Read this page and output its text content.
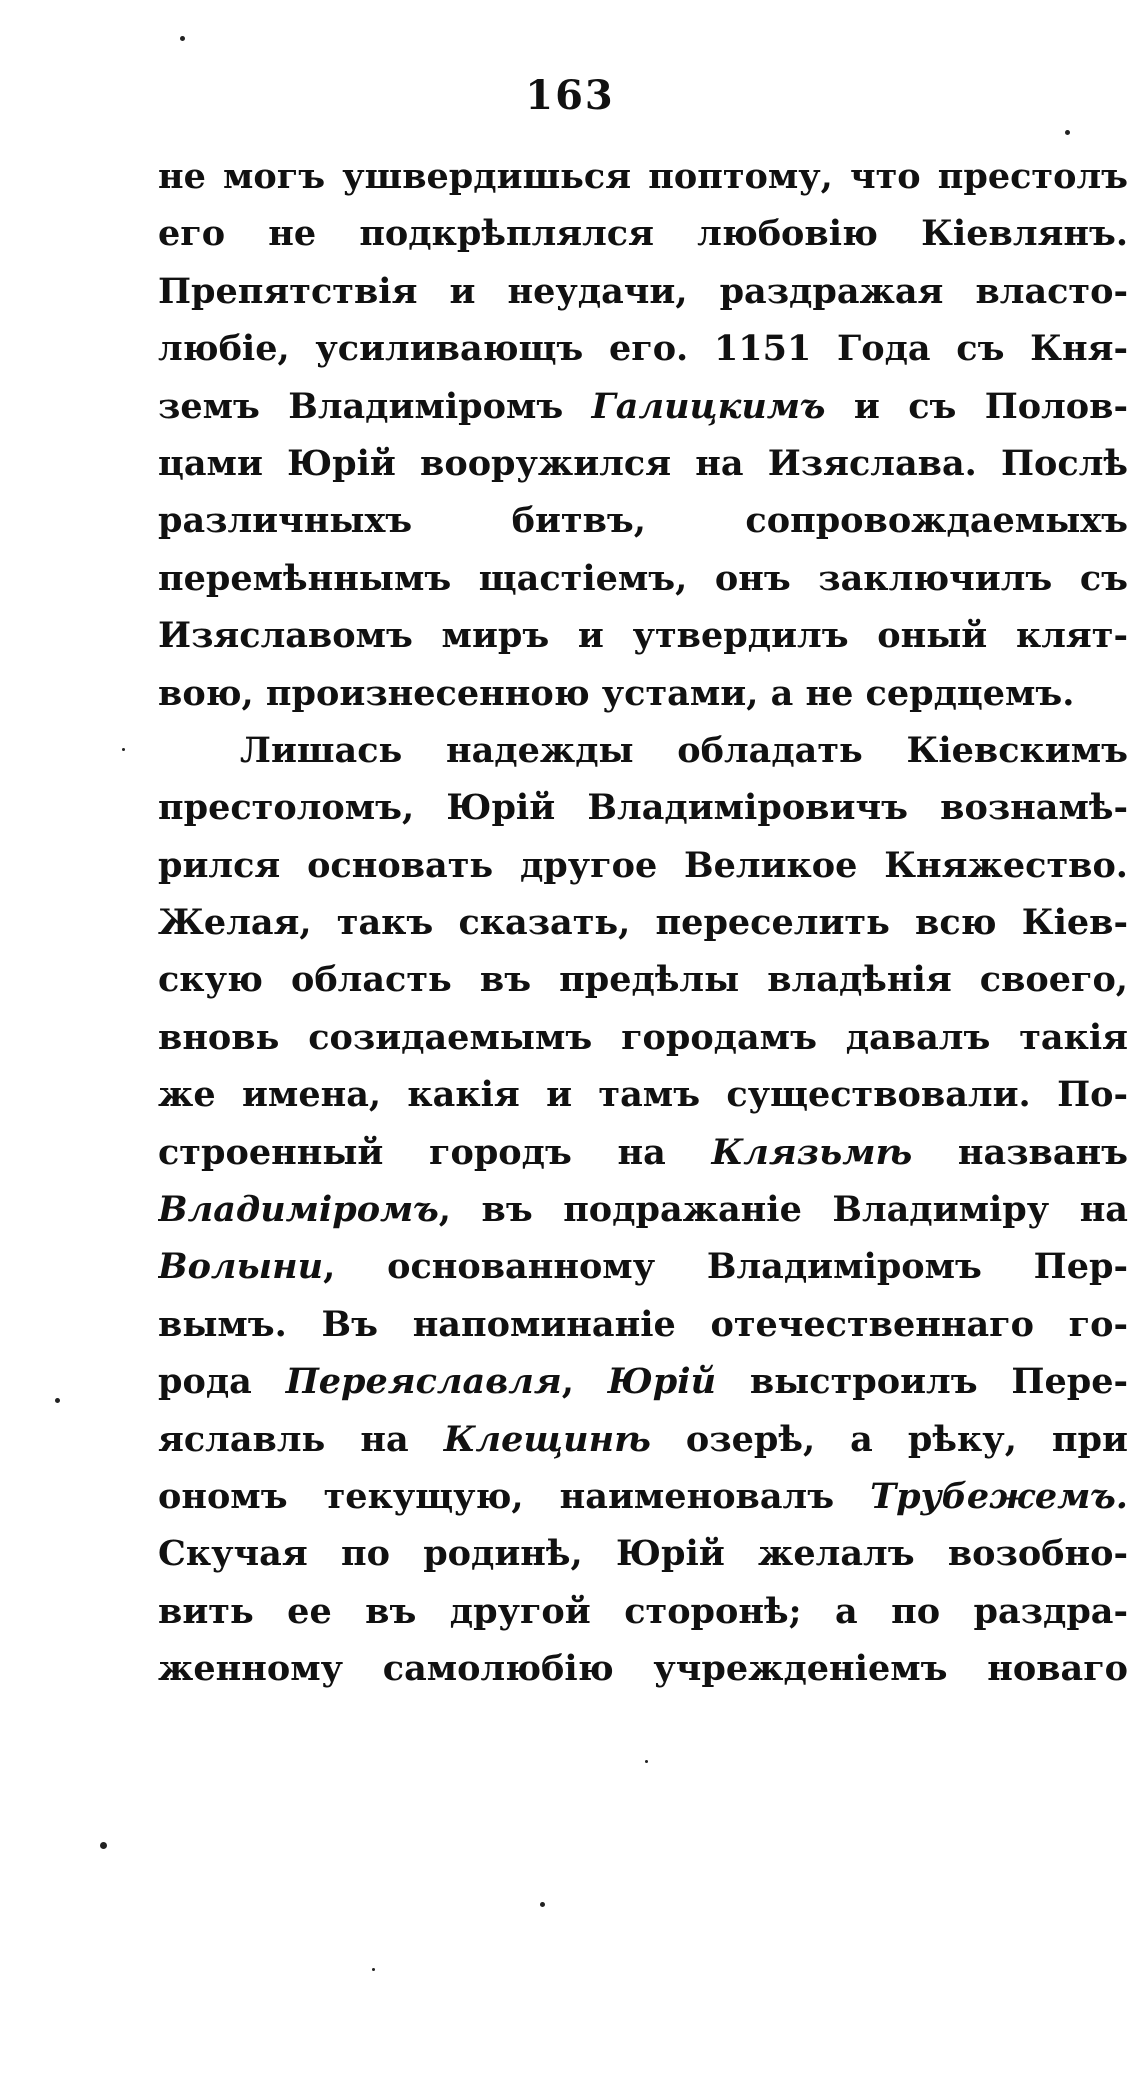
163
не могъ ушвердишься поптому, что престолъ
его не подкрѣплялся любовію Кіевлянъ.
Препятствія и неудачи, раздражая власто-
любіе, усиливающъ его. 1151 Года съ Кня-
земъ Владиміромъ Галицкимъ и съ Полов-
цами Юрій вооружился на Изяслава. Послѣ
различныхъ битвъ, сопровождаемыхъ
перемѣннымъ щастіемъ, онъ заключилъ съ
Изяславомъ миръ и утвердилъ оный клят-
вою, произнесенною устами, а не сердцемъ.
Лишась надежды обладать Кіевскимъ
престоломъ, Юрій Владиміровичъ вознамѣ-
рился основать другое Великое Княжество.
Желая, такъ сказать, переселить всю Кіев-
скую область въ предѣлы владѣнія своего,
вновь созидаемымъ городамъ давалъ такія
же имена, какія и тамъ существовали. По-
строенный городъ на Клязьмѣ названъ
Владиміромъ, въ подражаніе Владиміру на
Волыни, основанному Владиміромъ Пер-
вымъ. Въ напоминаніе отечественнаго го-
рода Переяславля, Юрій выстроилъ Пере-
яславль на Клещинѣ озерѣ, а рѣку, при
ономъ текущую, наименовалъ Трубежемъ.
Скучая по родинѣ, Юрій желалъ возобно-
вить ее въ другой сторонѣ; а по раздра-
женному самолюбію учрежденіемъ новаго
